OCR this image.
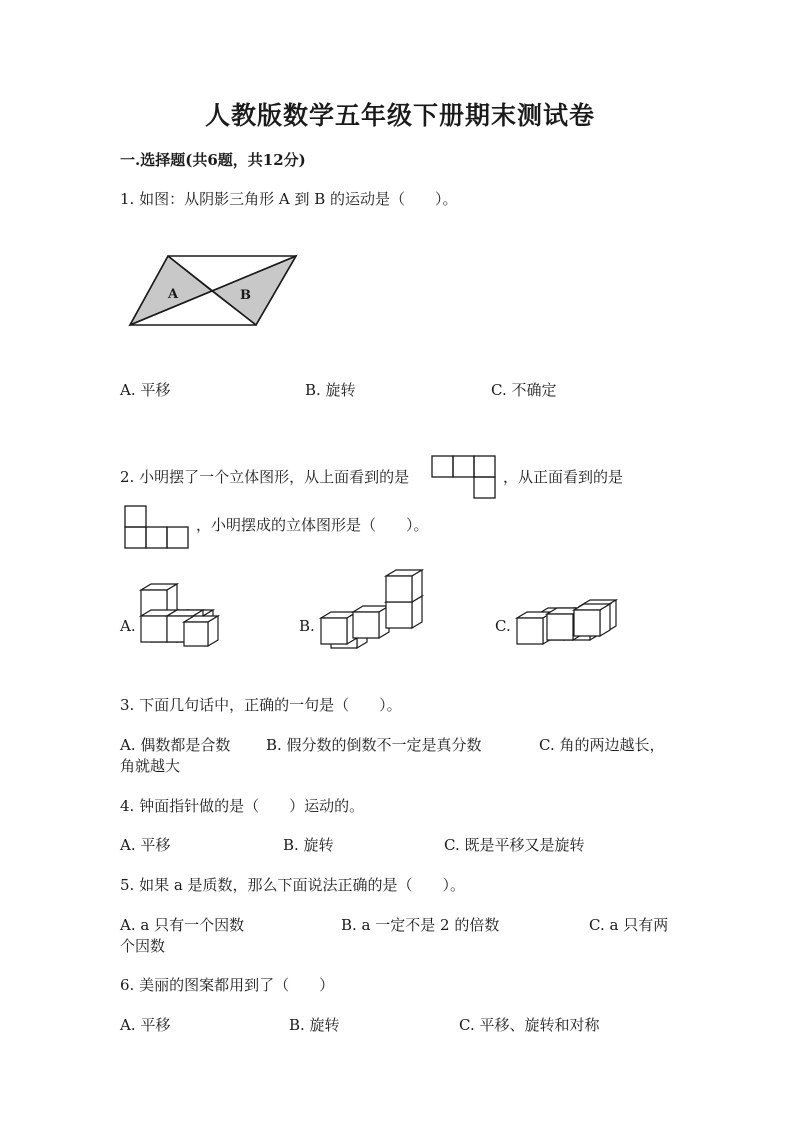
人教版数学五年级下册期末测试卷
一.选择题(共6题，共12分)
1. 如图：从阴影三角形 A 到 B 的运动是（　　）。
A	B
A. 平移	B. 旋转	C. 不确定
2. 小明摆了一个立体图形，从上面看到的是	，从正面看到的是
，小明摆成的立体图形是（　　）。
A.	B.	C.
3. 下面几句话中，正确的一句是（　　）。
A. 偶数都是合数 B. 假分数的倒数不一定是真分数	C. 角的两边越长，
角就越大
4. 钟面指针做的是（　　）运动的。
A. 平移	B. 旋转	C. 既是平移又是旋转
5. 如果 a 是质数，那么下面说法正确的是（　　）。
A. a 只有一个因数	B. a 一定不是 2 的倍数	C. a 只有两
个因数
6. 美丽的图案都用到了（　　）
A. 平移	B. 旋转	C. 平移、旋转和对称
